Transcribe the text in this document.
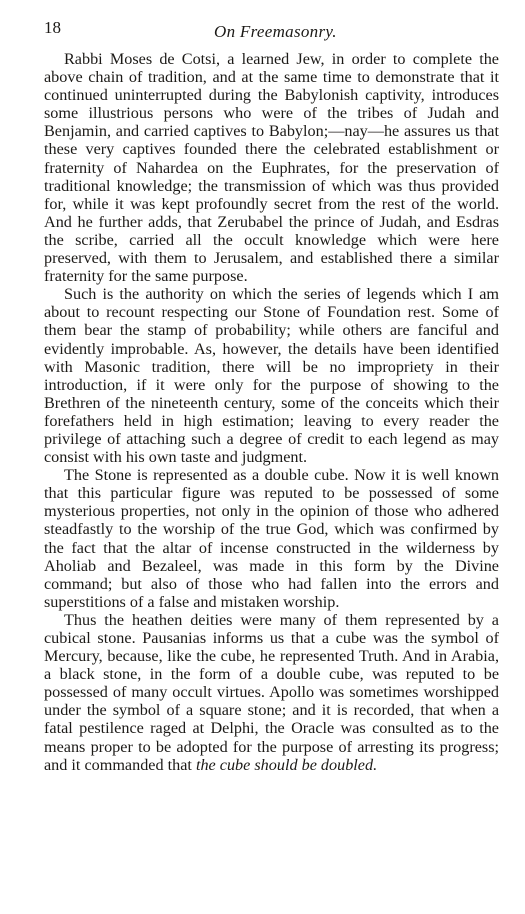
18	On Freemasonry.

Rabbi Moses de Cotsi, a learned Jew, in order to complete the above chain of tradition, and at the same time to demonstrate that it continued uninterrupted during the Babylonish captivity, introduces some illustrious persons who were of the tribes of Judah and Benjamin, and carried captives to Babylon;—nay—he assures us that these very captives founded there the celebrated establishment or fraternity of Nahardea on the Euphrates, for the preservation of traditional knowledge; the transmission of which was thus provided for, while it was kept profoundly secret from the rest of the world. And he further adds, that Zerubabel the prince of Judah, and Esdras the scribe, carried all the occult knowledge which were here preserved, with them to Jerusalem, and established there a similar fraternity for the same purpose.

Such is the authority on which the series of legends which I am about to recount respecting our Stone of Foundation rest. Some of them bear the stamp of probability; while others are fanciful and evidently improbable. As, however, the details have been identified with Masonic tradition, there will be no impropriety in their introduction, if it were only for the purpose of showing to the Brethren of the nineteenth century, some of the conceits which their forefathers held in high estimation; leaving to every reader the privilege of attaching such a degree of credit to each legend as may consist with his own taste and judgment.

The Stone is represented as a double cube. Now it is well known that this particular figure was reputed to be possessed of some mysterious properties, not only in the opinion of those who adhered steadfastly to the worship of the true God, which was confirmed by the fact that the altar of incense constructed in the wilderness by Aholiab and Bezaleel, was made in this form by the Divine command; but also of those who had fallen into the errors and superstitions of a false and mistaken worship.

Thus the heathen deities were many of them represented by a cubical stone. Pausanias informs us that a cube was the symbol of Mercury, because, like the cube, he represented Truth. And in Arabia, a black stone, in the form of a double cube, was reputed to be possessed of many occult virtues. Apollo was sometimes worshipped under the symbol of a square stone; and it is recorded, that when a fatal pestilence raged at Delphi, the Oracle was consulted as to the means proper to be adopted for the purpose of arresting its progress; and it commanded that the cube should be doubled.
